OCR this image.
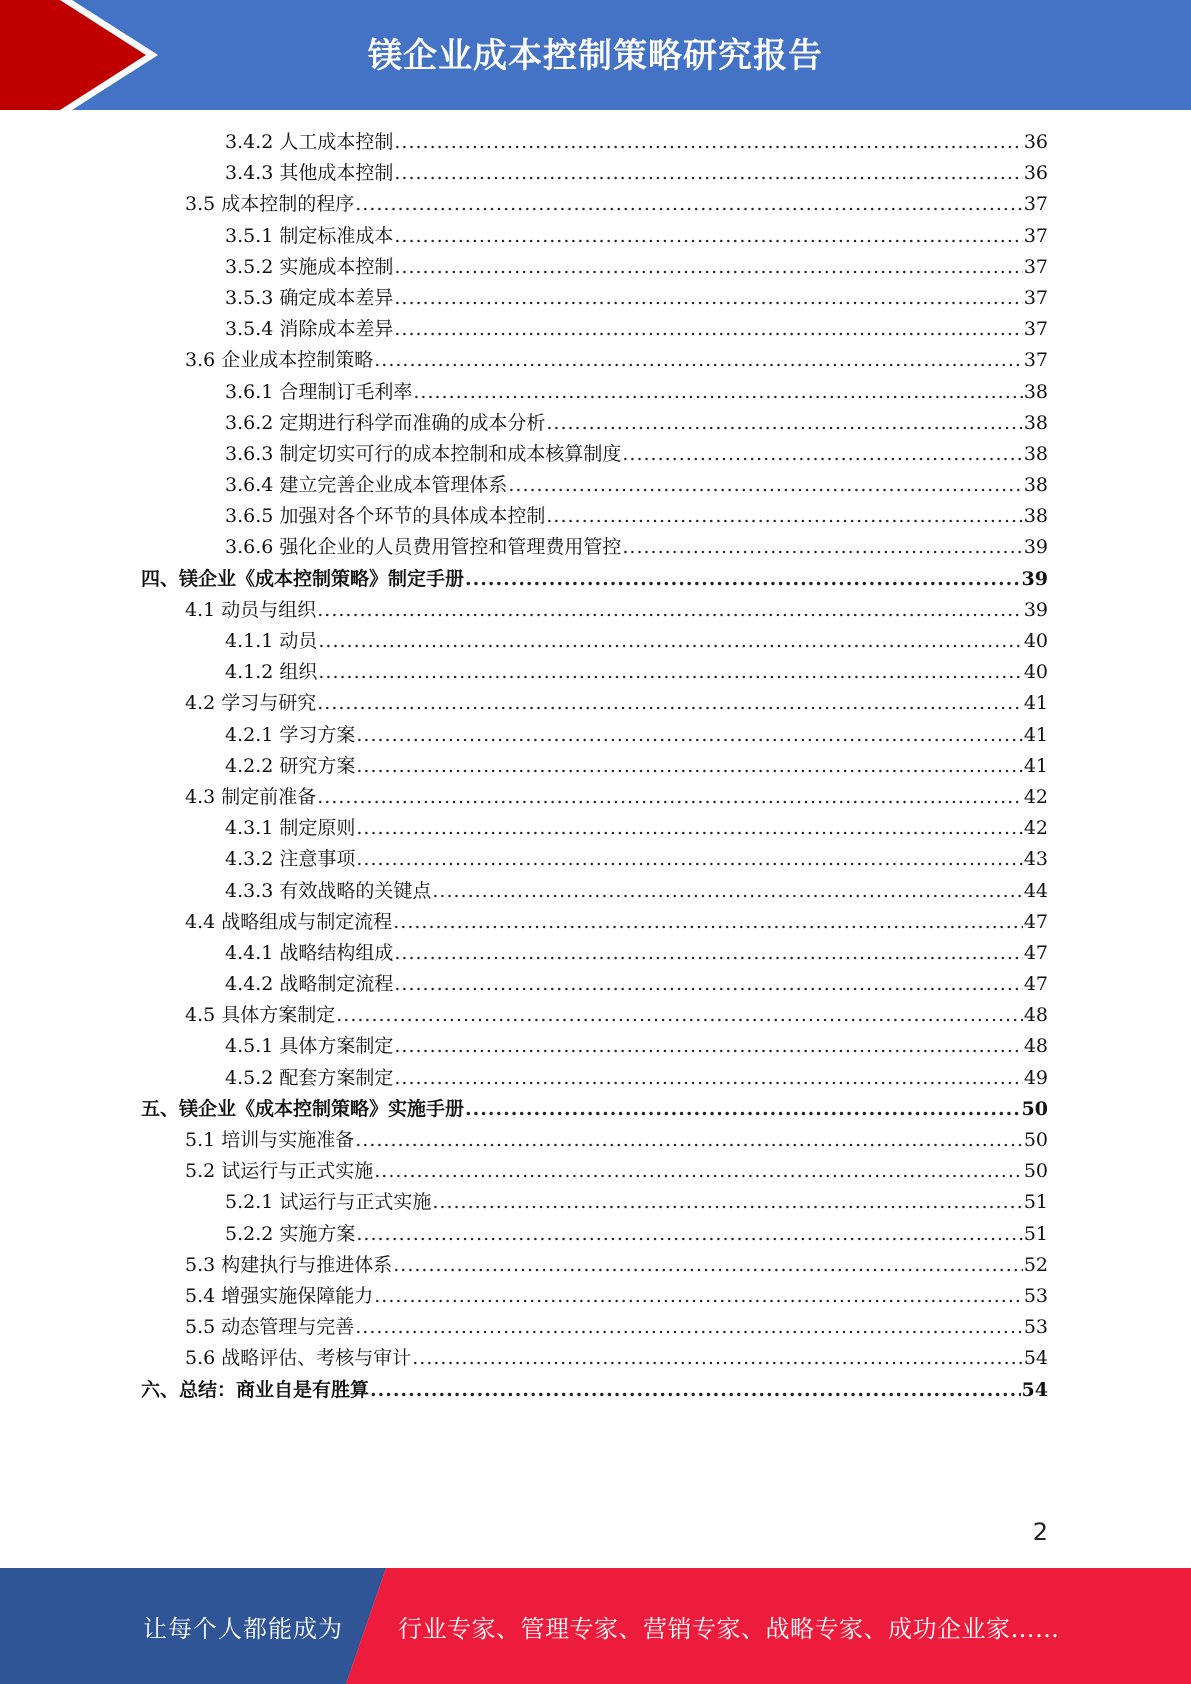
镁企业成本控制策略研究报告
3.4.2 人工成本控制 .....	36
3.4.3 其他成本控制 .....	36
3.5 成本控制的程序 .....	37
3.5.1 制定标准成本 .....	37
3.5.2 实施成本控制 .....	37
3.5.3 确定成本差异 .....	37
3.5.4 消除成本差异 .....	37
3.6 企业成本控制策略 .....	37
3.6.1 合理制订毛利率 .....	38
3.6.2 定期进行科学而准确的成本分析 .....	38
3.6.3 制定切实可行的成本控制和成本核算制度 .....	38
3.6.4 建立完善企业成本管理体系 .....	38
3.6.5 加强对各个环节的具体成本控制 .....	38
3.6.6 强化企业的人员费用管控和管理费用管控 .....	39
四、镁企业《成本控制策略》制定手册 .....	39
4.1 动员与组织 .....	39
4.1.1 动员 .....	40
4.1.2 组织 .....	40
4.2 学习与研究 .....	41
4.2.1 学习方案 .....	41
4.2.2 研究方案 .....	41
4.3 制定前准备 .....	42
4.3.1 制定原则 .....	42
4.3.2 注意事项 .....	43
4.3.3 有效战略的关键点 .....	44
4.4 战略组成与制定流程 .....	47
4.4.1 战略结构组成 .....	47
4.4.2 战略制定流程 .....	47
4.5 具体方案制定 .....	48
4.5.1 具体方案制定 .....	48
4.5.2 配套方案制定 .....	49
五、镁企业《成本控制策略》实施手册 .....	50
5.1 培训与实施准备 .....	50
5.2 试运行与正式实施 .....	50
5.2.1 试运行与正式实施 .....	51
5.2.2 实施方案 .....	51
5.3 构建执行与推进体系 .....	52
5.4 增强实施保障能力 .....	53
5.5 动态管理与完善 .....	53
5.6 战略评估、考核与审计 .....	54
六、总结：商业自是有胜算 .....	54
2
让每个人都能成为 行业专家、管理专家、营销专家、战略专家、成功企业家……
